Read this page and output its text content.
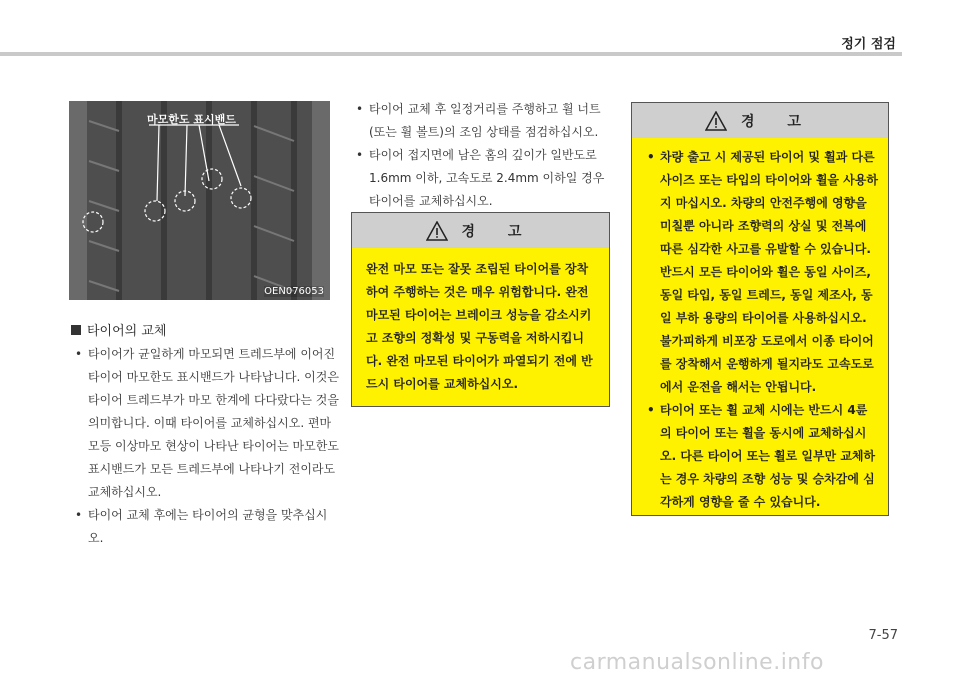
정기 점검
마모한도 표시밴드
OEN076053
타이어의 교체
• 타이어가 균일하게 마모되면 트레드부에 이어진 타이어 마모한도 표시밴드가 나타납니다. 이것은 타이어 트레드부가 마모 한계에 다다랐다는 것을 의미합니다. 이때 타이어를 교체하십시오. 편마모등 이상마모 현상이 나타난 타이어는 마모한도 표시밴드가 모든 트레드부에 나타나기 전이라도 교체하십시오.
• 타이어 교체 후에는 타이어의 균형을 맞추십시오.
• 타이어 교체 후 일정거리를 주행하고 휠 너트(또는 휠 볼트)의 조임 상태를 점검하십시오.
• 타이어 접지면에 남은 홈의 깊이가 일반도로 1.6mm 이하, 고속도로 2.4mm 이하일 경우 타이어를 교체하십시오.
경 고
완전 마모 또는 잘못 조립된 타이어를 장착하여 주행하는 것은 매우 위험합니다. 완전 마모된 타이어는 브레이크 성능을 감소시키고 조향의 정확성 및 구동력을 저하시킵니다. 완전 마모된 타이어가 파열되기 전에 반드시 타이어를 교체하십시오.
경 고
• 차량 출고 시 제공된 타이어 및 휠과 다른 사이즈 또는 타입의 타이어와 휠을 사용하지 마십시오. 차량의 안전주행에 영향을 미칠뿐 아니라 조향력의 상실 및 전복에 따른 심각한 사고를 유발할 수 있습니다. 반드시 모든 타이어와 휠은 동일 사이즈, 동일 타입, 동일 트레드, 동일 제조사, 동일 부하 용량의 타이어를 사용하십시오. 불가피하게 비포장 도로에서 이종 타이어를 장착해서 운행하게 될지라도 고속도로에서 운전을 해서는 안됩니다.
• 타이어 또는 휠 교체 시에는 반드시 4륜의 타이어 또는 휠을 동시에 교체하십시오. 다른 타이어 또는 휠로 일부만 교체하는 경우 차량의 조향 성능 및 승차감에 심각하게 영향을 줄 수 있습니다.
7-57
carmanualsonline.info
